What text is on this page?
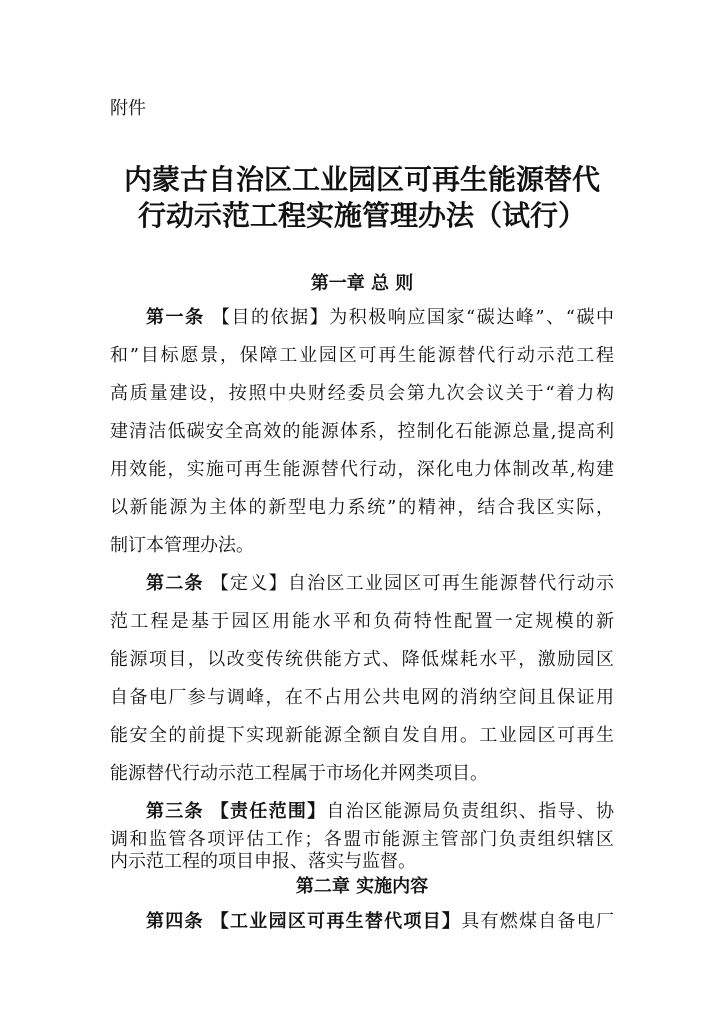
附件
内蒙古自治区工业园区可再生能源替代
行动示范工程实施管理办法（试行）
第一章 总 则
第一条 【目的依据】为积极响应国家“碳达峰”、“碳中
和”目标愿景，保障工业园区可再生能源替代行动示范工程
高质量建设，按照中央财经委员会第九次会议关于“着力构
建清洁低碳安全高效的能源体系，控制化石能源总量,提高利
用效能，实施可再生能源替代行动，深化电力体制改革,构建
以新能源为主体的新型电力系统”的精神，结合我区实际，
制订本管理办法。
第二条 【定义】自治区工业园区可再生能源替代行动示
范工程是基于园区用能水平和负荷特性配置一定规模的新
能源项目，以改变传统供能方式、降低煤耗水平，激励园区
自备电厂参与调峰，在不占用公共电网的消纳空间且保证用
能安全的前提下实现新能源全额自发自用。工业园区可再生
能源替代行动示范工程属于市场化并网类项目。
第三条 【责任范围】自治区能源局负责组织、指导、协
调和监管各项评估工作；各盟市能源主管部门负责组织辖区
内示范工程的项目申报、落实与监督。
第二章 实施内容
第四条 【工业园区可再生替代项目】具有燃煤自备电厂
